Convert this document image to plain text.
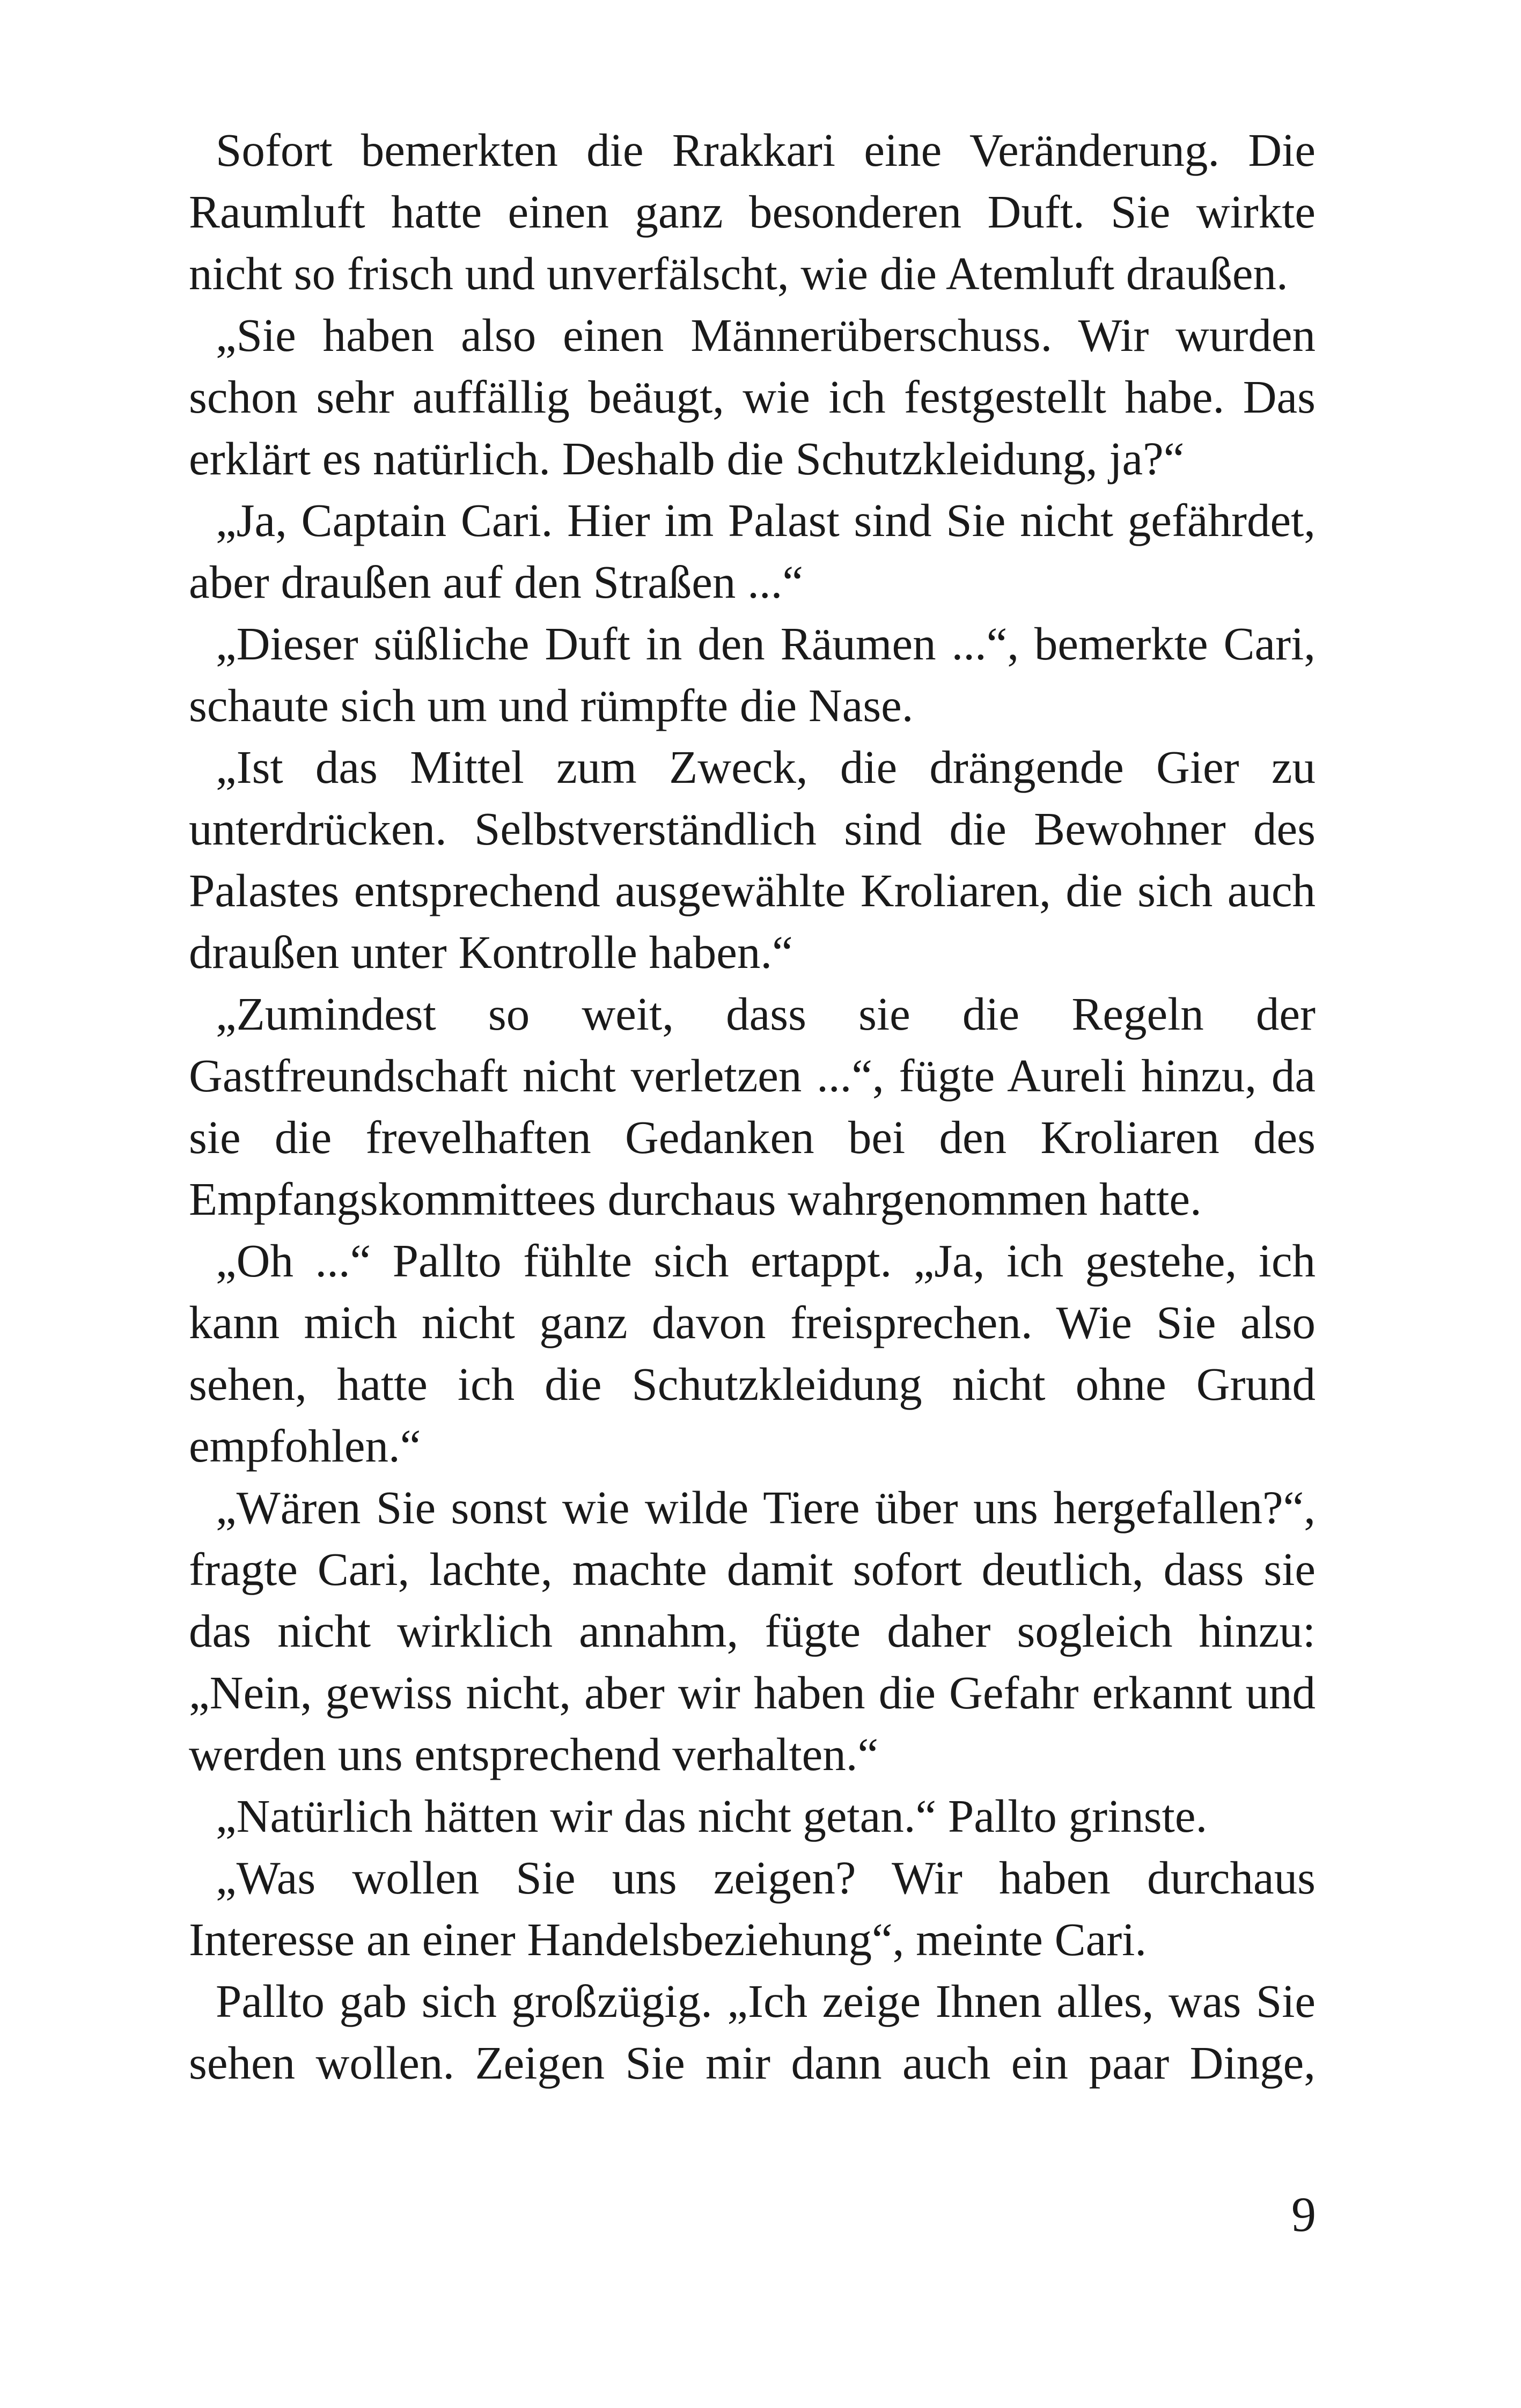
Sofort bemerkten die Rrakkari eine Veränderung. Die Raumluft hatte einen ganz besonderen Duft. Sie wirkte nicht so frisch und unverfälscht, wie die Atemluft draußen.

„Sie haben also einen Männerüberschuss. Wir wurden schon sehr auffällig beäugt, wie ich festgestellt habe. Das erklärt es natürlich. Deshalb die Schutzkleidung, ja?“

„Ja, Captain Cari. Hier im Palast sind Sie nicht gefährdet, aber draußen auf den Straßen ...“

„Dieser süßliche Duft in den Räumen ...“, bemerkte Cari, schaute sich um und rümpfte die Nase.

„Ist das Mittel zum Zweck, die drängende Gier zu unterdrücken. Selbstverständlich sind die Bewohner des Palastes entsprechend ausgewählte Kroliaren, die sich auch draußen unter Kontrolle haben.“

„Zumindest so weit, dass sie die Regeln der Gastfreundschaft nicht verletzen ...“, fügte Aureli hinzu, da sie die frevelhaften Gedanken bei den Kroliaren des Empfangskommittees durchaus wahrgenommen hatte.

„Oh ...“ Pallto fühlte sich ertappt. „Ja, ich gestehe, ich kann mich nicht ganz davon freisprechen. Wie Sie also sehen, hatte ich die Schutzkleidung nicht ohne Grund empfohlen.“

„Wären Sie sonst wie wilde Tiere über uns hergefallen?“, fragte Cari, lachte, machte damit sofort deutlich, dass sie das nicht wirklich annahm, fügte daher sogleich hinzu: „Nein, gewiss nicht, aber wir haben die Gefahr erkannt und werden uns entsprechend verhalten.“

„Natürlich hätten wir das nicht getan.“ Pallto grinste.

„Was wollen Sie uns zeigen? Wir haben durchaus Interesse an einer Handelsbeziehung“, meinte Cari.

Pallto gab sich großzügig. „Ich zeige Ihnen alles, was Sie sehen wollen. Zeigen Sie mir dann auch ein paar Dinge,

9
